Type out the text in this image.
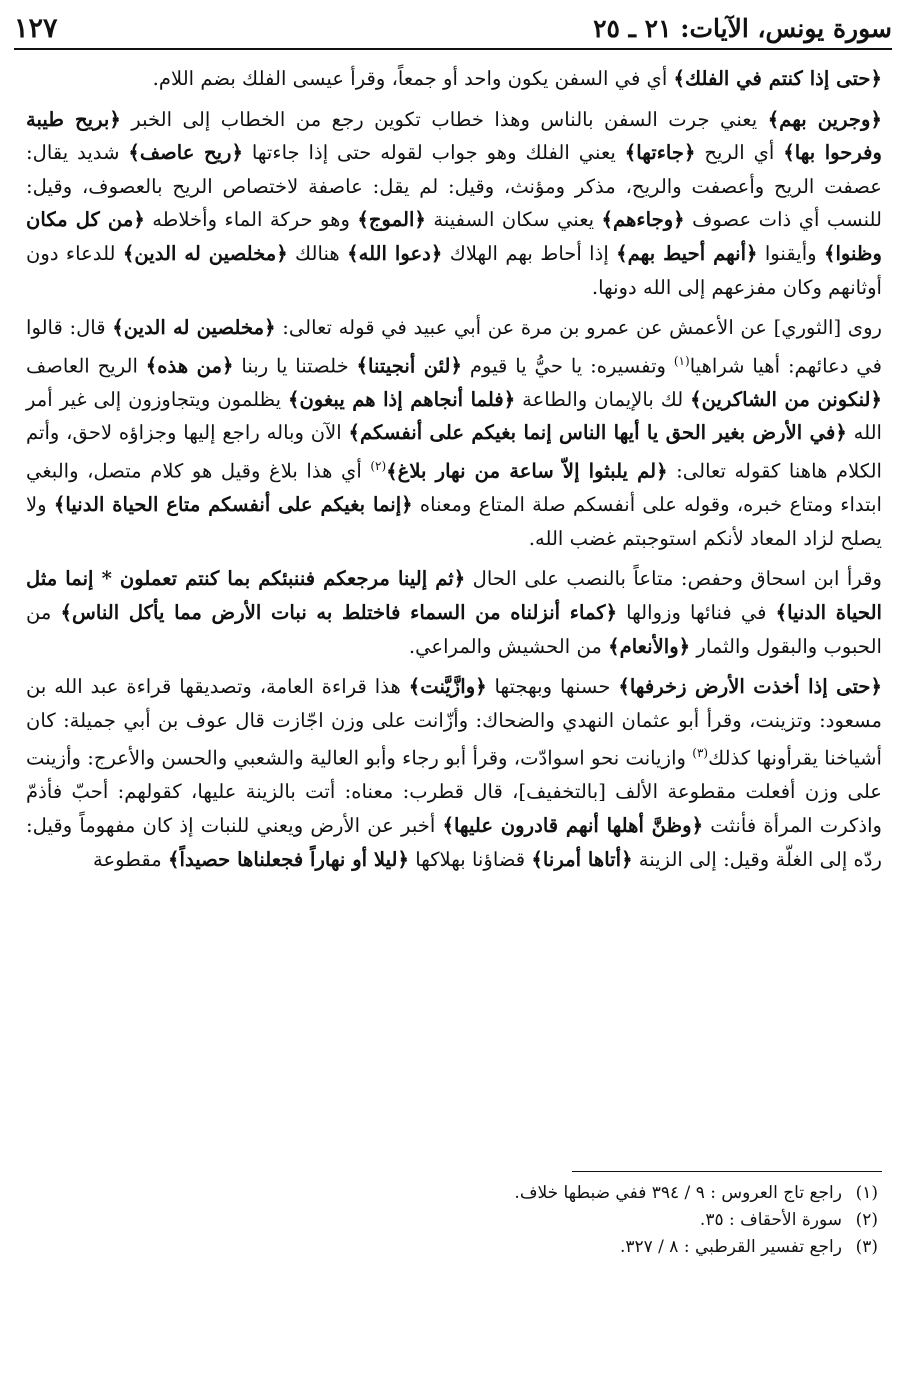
سورة يونس، الآيات: ٢١ ـ ٢٥
١٢٧

﴿ حتى إذا كنتم في الفلك ﴾ أي في السفن يكون واحد أو جمعاً، وقرأ عيسى الفلك بضم اللام.

﴿ وجرين بهم ﴾ يعني جرت السفن بالناس وهذا خطاب تكوين رجع من الخطاب إلى الخبر ﴿ بريح طيبة وفرحوا بها ﴾ أي الريح ﴿ جاءتها ﴾ يعني الفلك وهو جواب لقوله حتى إذا جاءتها ﴿ ريح عاصف ﴾ شديد يقال: عصفت الريح وأعصفت والريح، مذكر ومؤنث، وقيل: لم يقل: عاصفة لاختصاص الريح بالعصوف، وقيل: للنسب أي ذات عصوف ﴿ وجاءهم ﴾ يعني سكان السفينة ﴿ الموج ﴾ وهو حركة الماء وأخلاطه ﴿ من كل مكان وظنوا ﴾ وأيقنوا ﴿ أنهم أحيط بهم ﴾ إذا أحاط بهم الهلاك ﴿ دعوا الله ﴾ هنالك ﴿ مخلصين له الدين ﴾ للدعاء دون أوثانهم وكان مفزعهم إلى الله دونها.

روى [الثوري] عن الأعمش عن عمرو بن مرة عن أبي عبيد في قوله تعالى: ﴿ مخلصين له الدين ﴾ قال: قالوا في دعائهم: أهيا شراهيا$^{(١)}$ وتفسيره: يا حيُّ يا قيوم ﴿ لئن أنجيتنا ﴾ خلصتنا يا ربنا ﴿ من هذه ﴾ الريح العاصف ﴿ لنكونن من الشاكرين ﴾ لك بالإيمان والطاعة ﴿ فلما أنجاهم إذا هم يبغون ﴾ يظلمون ويتجاوزون إلى غير أمر الله ﴿ في الأرض بغير الحق يا أيها الناس إنما بغيكم على أنفسكم ﴾ الآن وباله راجع إليها وجزاؤه لاحق، وأتم الكلام هاهنا كقوله تعالى: ﴿ لم يلبثوا إلاّ ساعة من نهار بلاغ ﴾$^{(٢)}$ أي هذا بلاغ وقيل هو كلام متصل، والبغي ابتداء ومتاع خبره، وقوله على أنفسكم صلة المتاع ومعناه ﴿ إنما بغيكم على أنفسكم متاع الحياة الدنيا ﴾ ولا يصلح لزاد المعاد لأنكم استوجبتم غضب الله.

وقرأ ابن اسحاق وحفص: متاعاً بالنصب على الحال ﴿ ثم إلينا مرجعكم فننبئكم بما كنتم تعملون * إنما مثل الحياة الدنيا ﴾ في فنائها وزوالها ﴿ كماء أنزلناه من السماء فاختلط به نبات الأرض مما يأكل الناس ﴾ من الحبوب والبقول والثمار ﴿ والأنعام ﴾ من الحشيش والمراعي.

﴿ حتى إذا أخذت الأرض زخرفها ﴾ حسنها وبهجتها ﴿ وازَّيَّنت ﴾ هذا قراءة العامة، وتصديقها قراءة عبد الله بن مسعود: وتزينت، وقرأ أبو عثمان النهدي والضحاك: وأزّانت على وزن اجّازت قال عوف بن أبي جميلة: كان أشياخنا يقرأونها كذلك$^{(٣)}$ وازيانت نحو اسوادّت، وقرأ أبو رجاء وأبو العالية والشعبي والحسن والأعرج: وأزينت على وزن أفعلت مقطوعة الألف [بالتخفيف]، قال قطرب: معناه: أتت بالزينة عليها، كقولهم: أحبّ فأذمّ واذكرت المرأة فأنثت ﴿ وظنَّ أهلها أنهم قادرون عليها ﴾ أخبر عن الأرض ويعني للنبات إذ كان مفهوماً وقيل: ردّه إلى الغلّة وقيل: إلى الزينة ﴿ أتاها أمرنا ﴾ قضاؤنا بهلاكها ﴿ ليلا أو نهاراً فجعلناها حصيداً ﴾ مقطوعة

(١)
راجع تاج العروس : ٩ / ٣٩٤ ففي ضبطها خلاف.
(٢)
سورة الأحقاف : ٣٥.
(٣)
راجع تفسير القرطبي : ٨ / ٣٢٧.
